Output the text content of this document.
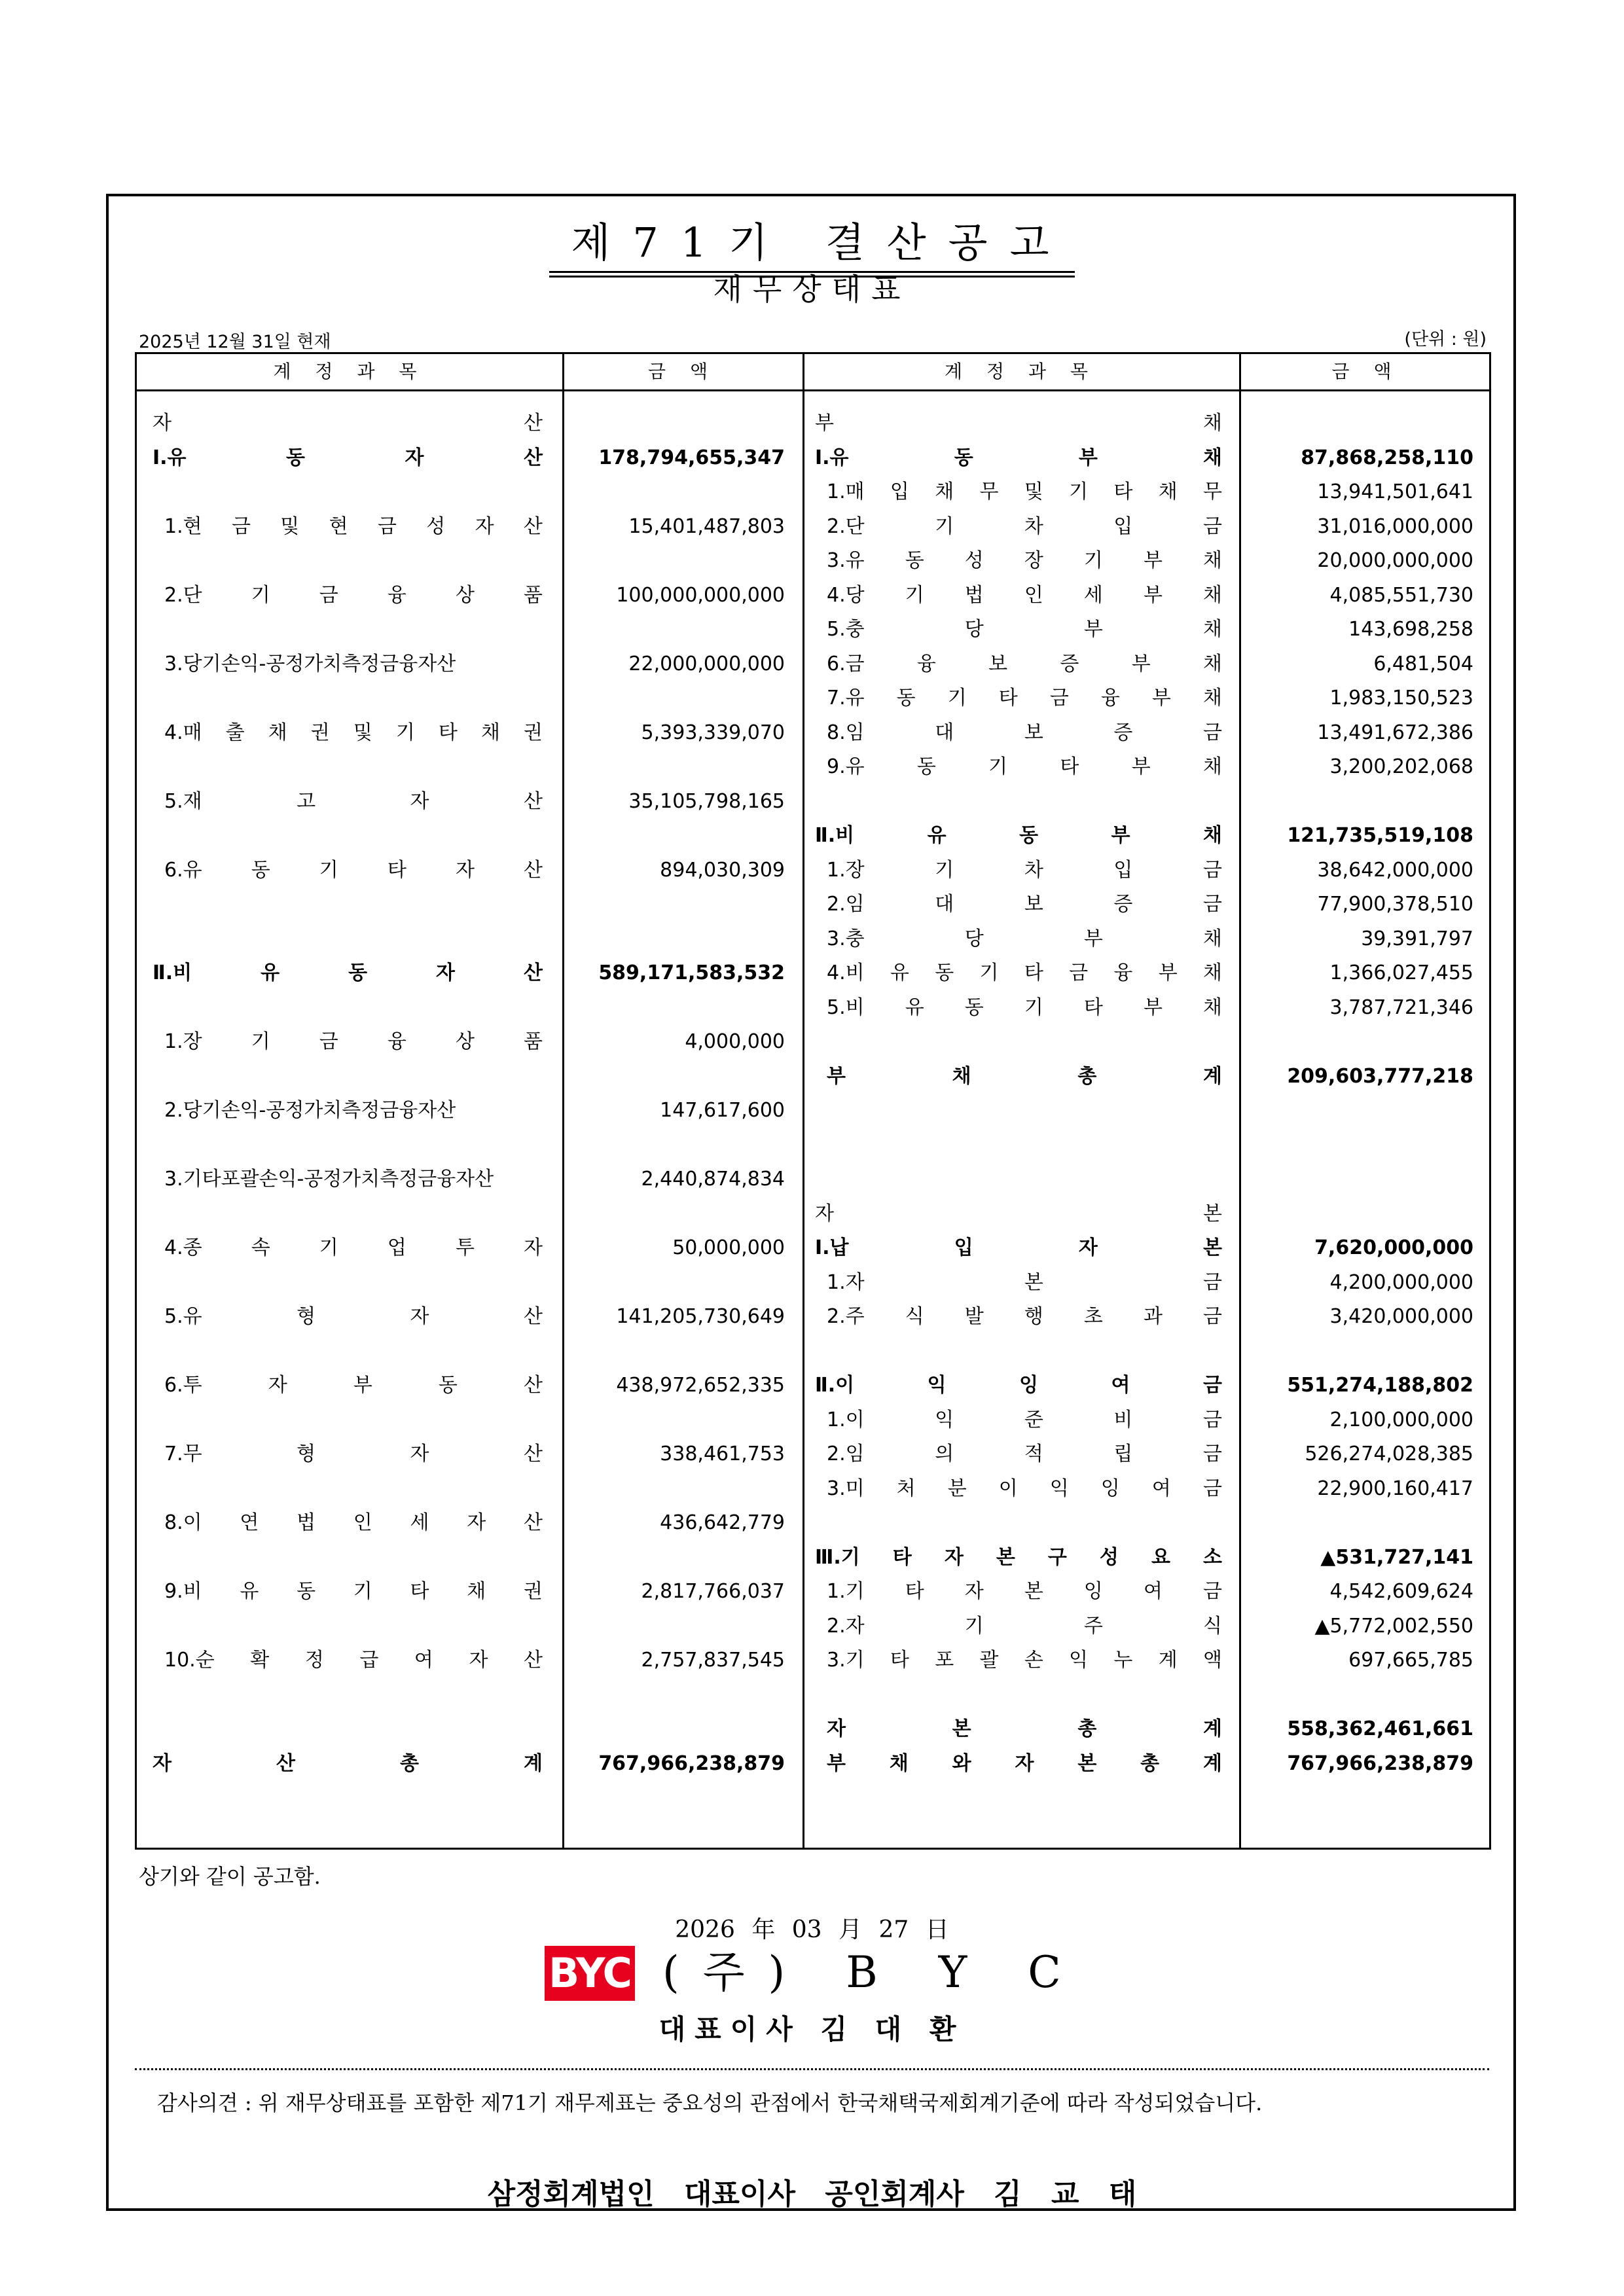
제71기 결산공고
재무상태표
2025년 12월 31일 현재	(단위 : 원)
계 정 과 목	금 액	계 정 과 목	금 액
자	산
Ⅰ.유	동	자	산	178,794,655,347
1.현 금 및 현 금 성 자 산	15,401,487,803
2.단	기	금	융	상	품	100,000,000,000
3.당기손익-공정가치측정금융자산	22,000,000,000
4.매 출 채 권 및 기 타 채 권	5,393,339,070
5.재	고	자	산	35,105,798,165
6.유	동	기	타	자	산	894,030,309
Ⅱ.비	유	동	자	산	589,171,583,532
1.장	기	금	융	상	품	4,000,000
2.당기손익-공정가치측정금융자산	147,617,600
3.기타포괄손익-공정가치측정금융자산	2,440,874,834
4.종	속	기	업	투	자	50,000,000
5.유	형	자	산	141,205,730,649
6.투	자	부	동	산	438,972,652,335
7.무	형	자	산	338,461,753
8.이 연 법 인 세 자 산	436,642,779
9.비 유 동 기 타 채 권	2,817,766,037
10.순 확 정 급 여 자 산	2,757,837,545
자	산	총	계	767,966,238,879
부	채
Ⅰ.유	동	부	채	87,868,258,110
1.매 입 채 무 및 기 타 채 무	13,941,501,641
2.단	기	차	입	금	31,016,000,000
3.유 동 성 장 기 부 채	20,000,000,000
4.당 기 법 인 세 부 채	4,085,551,730
5.충	당	부	채	143,698,258
6.금	융	보	증	부	채	6,481,504
7.유 동 기 타 금 융 부 채	1,983,150,523
8.임	대	보	증	금	13,491,672,386
9.유	동	기	타	부	채	3,200,202,068
Ⅱ.비	유	동	부	채	121,735,519,108
1.장	기	차	입	금	38,642,000,000
2.임	대	보	증	금	77,900,378,510
3.충	당	부	채	39,391,797
4.비 유 동 기 타 금 융 부 채	1,366,027,455
5.비 유 동 기 타 부 채	3,787,721,346
부	채	총	계	209,603,777,218
자	본
Ⅰ.납	입	자	본	7,620,000,000
1.자	본	금	4,200,000,000
2.주 식 발 행 초 과 금	3,420,000,000
Ⅱ.이	익	잉	여	금	551,274,188,802
1.이	익	준	비	금	2,100,000,000
2.임	의	적	립	금	526,274,028,385
3.미 처 분 이 익 잉 여 금	22,900,160,417
Ⅲ.기 타 자 본 구 성 요 소	▲531,727,141
1.기 타 자 본 잉 여 금	4,542,609,624
2.자	기	주	식	▲5,772,002,550
3.기 타 포 괄 손 익 누 계 액	697,665,785
자	본	총	계	558,362,461,661
부 채 와 자 본 총 계	767,966,238,879
상기와 같이 공고함.
2026 年 03 月 27 日
BYC (주) B Y C
대표이사 김 대 환
감사의견 : 위 재무상태표를 포함한 제71기 재무제표는 중요성의 관점에서 한국채택국제회계기준에 따라 작성되었습니다.
삼정회계법인 대표이사 공인회계사 김 교 태
